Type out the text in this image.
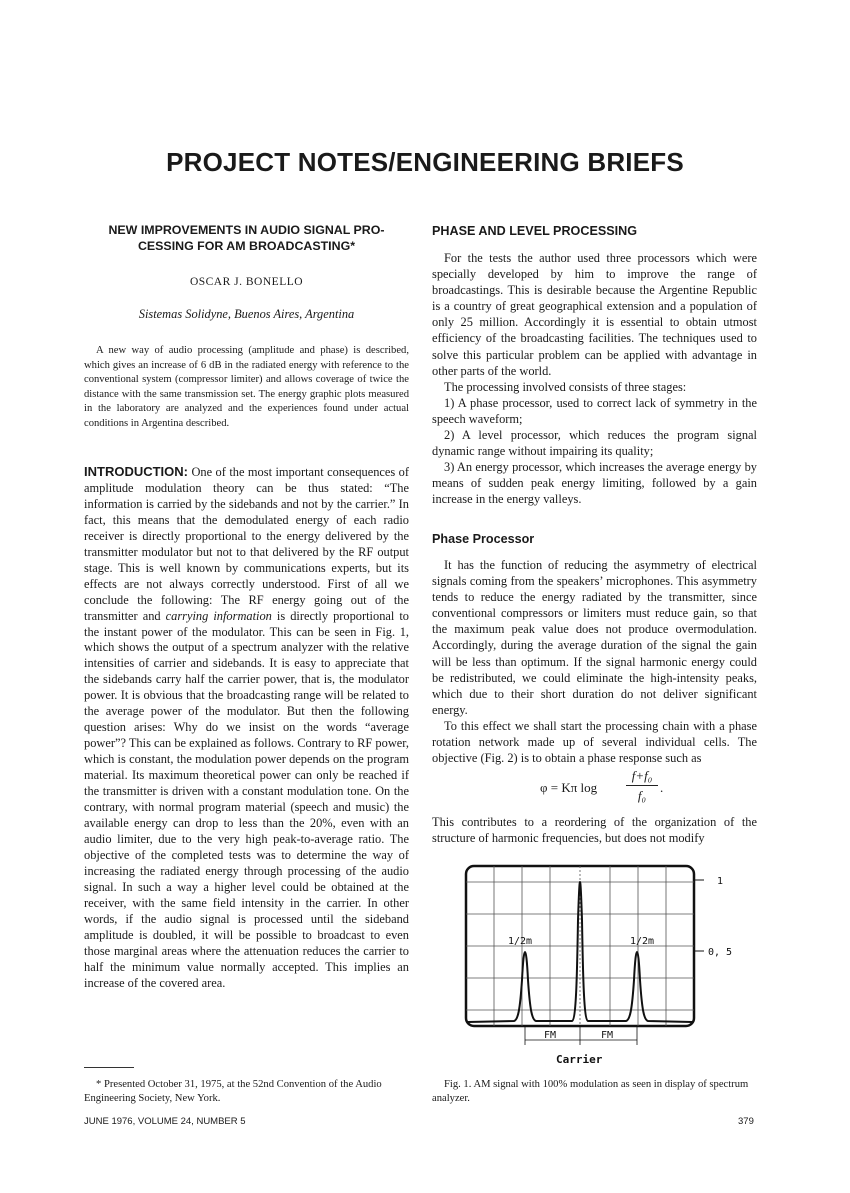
PROJECT NOTES/ENGINEERING BRIEFS
NEW IMPROVEMENTS IN AUDIO SIGNAL PRO-
CESSING FOR AM BROADCASTING*
OSCAR J. BONELLO
Sistemas Solidyne, Buenos Aires, Argentina
A new way of audio processing (amplitude and phase) is described, which gives an increase of 6 dB in the radiated energy with reference to the conventional system (compressor limiter) and allows coverage of twice the distance with the same transmission set. The energy graphic plots measured in the laboratory are analyzed and the experiences found under actual conditions in Argentina described.
INTRODUCTION: One of the most important consequences of amplitude modulation theory can be thus stated: “The information is carried by the sidebands and not by the carrier.” In fact, this means that the demodulated energy of each radio receiver is directly proportional to the energy delivered by the transmitter modulator but not to that delivered by the RF output stage. This is well known by communications experts, but its effects are not always correctly understood. First of all we conclude the following: The RF energy going out of the transmitter and carrying information is directly proportional to the instant power of the modulator. This can be seen in Fig. 1, which shows the output of a spectrum analyzer with the relative intensities of carrier and sidebands. It is easy to appreciate that the sidebands carry half the carrier power, that is, the modulator power. It is obvious that the broadcasting range will be related to the average power of the modulator. But then the following question arises: Why do we insist on the words “average power”? This can be explained as follows. Contrary to RF power, which is constant, the modulation power depends on the program material. Its maximum theoretical power can only be reached if the transmitter is driven with a constant modulation tone. On the contrary, with normal program material (speech and music) the available energy can drop to less than the 20%, even with an audio limiter, due to the very high peak-to-average ratio. The objective of the completed tests was to determine the way of increasing the radiated energy through processing of the audio signal. In such a way a higher level could be obtained at the receiver, with the same field intensity in the carrier. In other words, if the audio signal is processed until the sideband amplitude is doubled, it will be possible to broadcast to even those marginal areas where the attenuation reduces the carrier to half the minimum value normally accepted. This implies an increase of the covered area.
* Presented October 31, 1975, at the 52nd Convention of the Audio Engineering Society, New York.
PHASE AND LEVEL PROCESSING

For the tests the author used three processors which were specially developed by him to improve the range of broadcastings. This is desirable because the Argentine Republic is a country of great geographical extension and a population of only 25 million. Accordingly it is essential to obtain utmost efficiency of the broadcasting facilities. The techniques used to solve this particular problem can be applied with advantage in other parts of the world.

The processing involved consists of three stages:

1) A phase processor, used to correct lack of symmetry in the speech waveform;

2) A level processor, which reduces the program signal dynamic range without impairing its quality;

3) An energy processor, which increases the average energy by means of sudden peak energy limiting, followed by a gain increase in the energy valleys.

Phase Processor

It has the function of reducing the asymmetry of electrical signals coming from the speakers’ microphones. This asymmetry tends to reduce the energy radiated by the transmitter, since conventional compressors or limiters must reduce gain, so that the maximum peak value does not produce overmodulation. Accordingly, during the average duration of the signal the gain will be less than optimum. If the signal harmonic energy could be redistributed, we could eliminate the high-intensity peaks, which due to their short duration do not deliver significant energy.

To this effect we shall start the processing chain with a phase rotation network made up of several individual cells. The objective (Fig. 2) is to obtain a phase response such as

φ = Kπ log
f+f₀
f₀
.
This contributes to a reordering of the organization of the structure of harmonic frequencies, but does not modify
1
0, 5
1/2m	1/2m
FM	FM
Carrier
Fig. 1. AM signal with 100% modulation as seen in display of spectrum analyzer.
JUNE 1976, VOLUME 24, NUMBER 5	379
